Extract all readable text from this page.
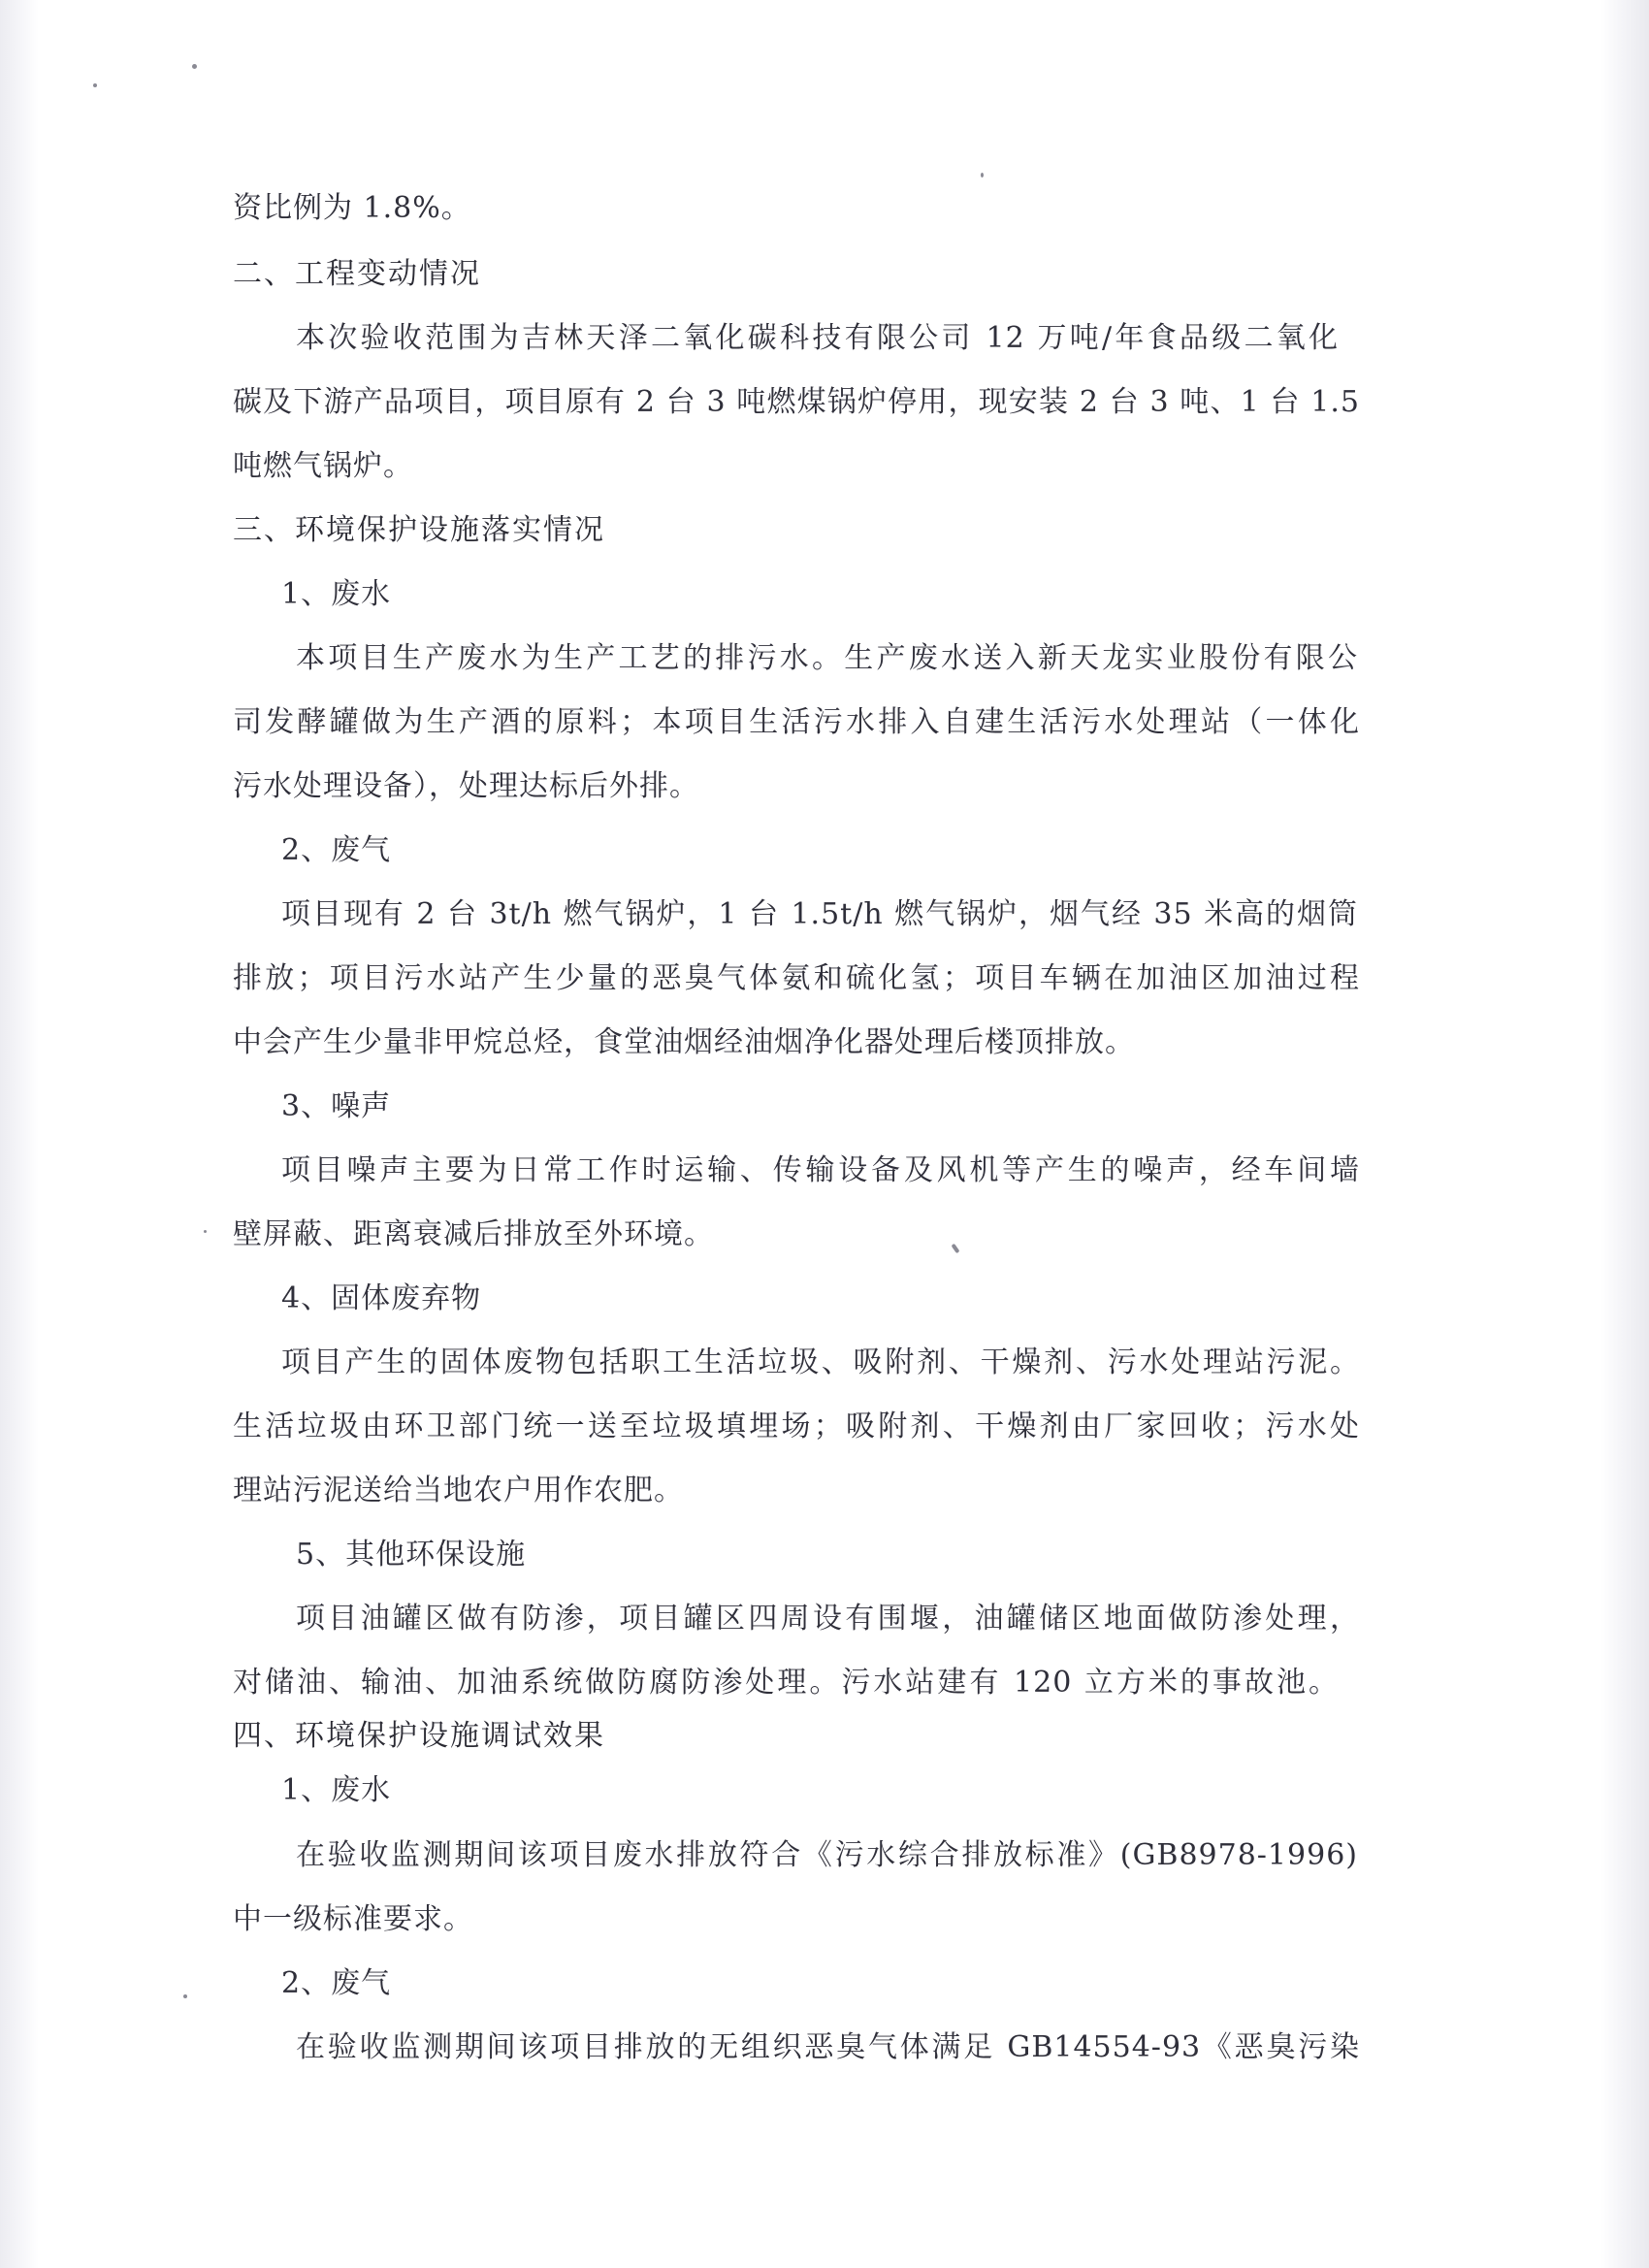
资比例为 1.8%。
二、工程变动情况
本次验收范围为吉林天泽二氧化碳科技有限公司 12 万吨/年食品级二氧化
碳及下游产品项目，项目原有 2 台 3 吨燃煤锅炉停用，现安装 2 台 3 吨、1 台 1.5
吨燃气锅炉。
三、环境保护设施落实情况
1、废水
本项目生产废水为生产工艺的排污水。生产废水送入新天龙实业股份有限公
司发酵罐做为生产酒的原料；本项目生活污水排入自建生活污水处理站（一体化
污水处理设备），处理达标后外排。
2、废气
项目现有 2 台 3t/h 燃气锅炉，1 台 1.5t/h 燃气锅炉，烟气经 35 米高的烟筒
排放；项目污水站产生少量的恶臭气体氨和硫化氢；项目车辆在加油区加油过程
中会产生少量非甲烷总烃，食堂油烟经油烟净化器处理后楼顶排放。
3、噪声
项目噪声主要为日常工作时运输、传输设备及风机等产生的噪声，经车间墙
壁屏蔽、距离衰减后排放至外环境。
4、固体废弃物
项目产生的固体废物包括职工生活垃圾、吸附剂、干燥剂、污水处理站污泥。
生活垃圾由环卫部门统一送至垃圾填埋场；吸附剂、干燥剂由厂家回收；污水处
理站污泥送给当地农户用作农肥。
5、其他环保设施
项目油罐区做有防渗，项目罐区四周设有围堰，油罐储区地面做防渗处理，
对储油、输油、加油系统做防腐防渗处理。污水站建有 120 立方米的事故池。
四、环境保护设施调试效果
1、废水
在验收监测期间该项目废水排放符合《污水综合排放标准》(GB8978-1996)
中一级标准要求。
2、废气
在验收监测期间该项目排放的无组织恶臭气体满足 GB14554-93《恶臭污染
